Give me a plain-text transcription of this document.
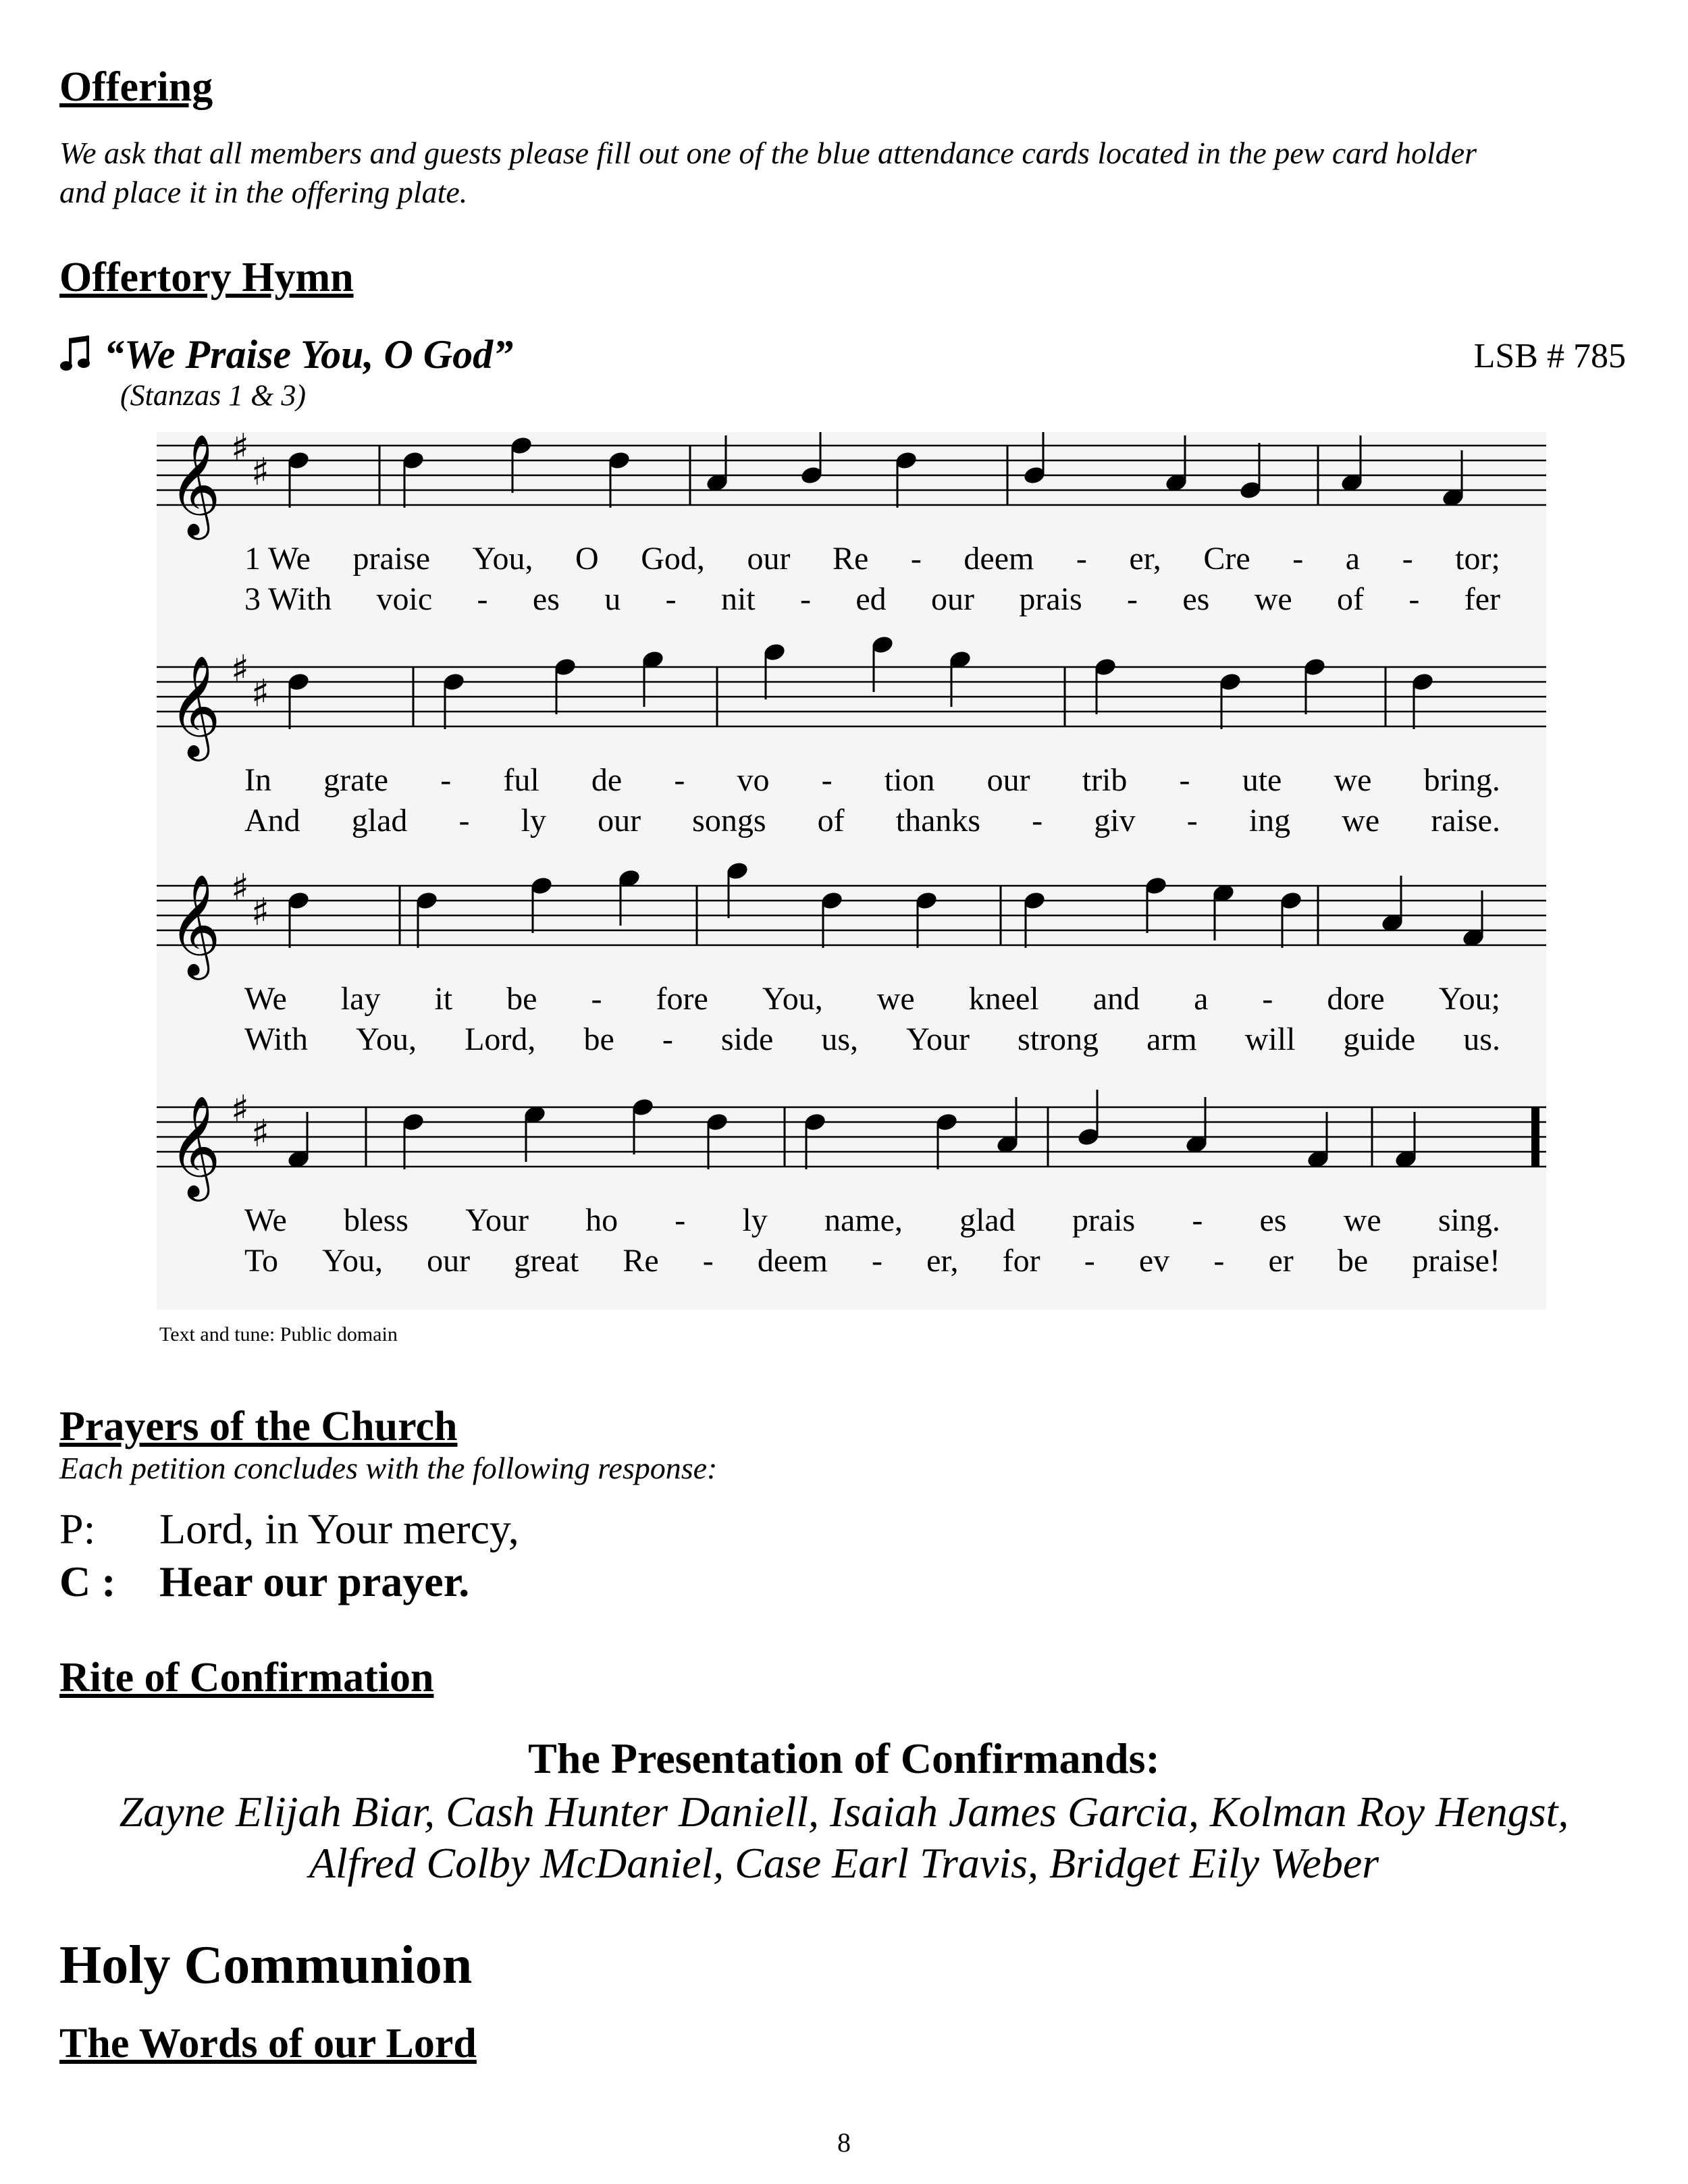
Offering
We ask that all members and guests please fill out one of the blue attendance cards located in the pew card holder
and place it in the offering plate.
Offertory Hymn
“We Praise You, O God”	LSB # 785
(Stanzas 1 & 3)
𝄞 ♯
♯
𝄞 ♯
♯
𝄞 ♯
♯
𝄞 ♯
♯
1 We praise You, O God, our Re - deem - er, Cre - a - tor;
3 With voic - es u - nit - ed our prais - es we of - fer
In grate - ful de - vo - tion our trib - ute we bring.
And glad - ly our songs of thanks - giv - ing we raise.
We lay it be - fore You, we kneel and a - dore You;
With You, Lord, be - side us, Your strong arm will guide us.
We bless Your ho - ly name, glad prais - es we sing.
To You, our great Re - deem - er, for - ev - er be praise!
Text and tune: Public domain
Prayers of the Church
Each petition concludes with the following response:
P: Lord, in Your mercy,
C : Hear our prayer.
Rite of Confirmation
The Presentation of Confirmands:
Zayne Elijah Biar, Cash Hunter Daniell, Isaiah James Garcia, Kolman Roy Hengst,
Alfred Colby McDaniel, Case Earl Travis, Bridget Eily Weber
Holy Communion
The Words of our Lord
8
